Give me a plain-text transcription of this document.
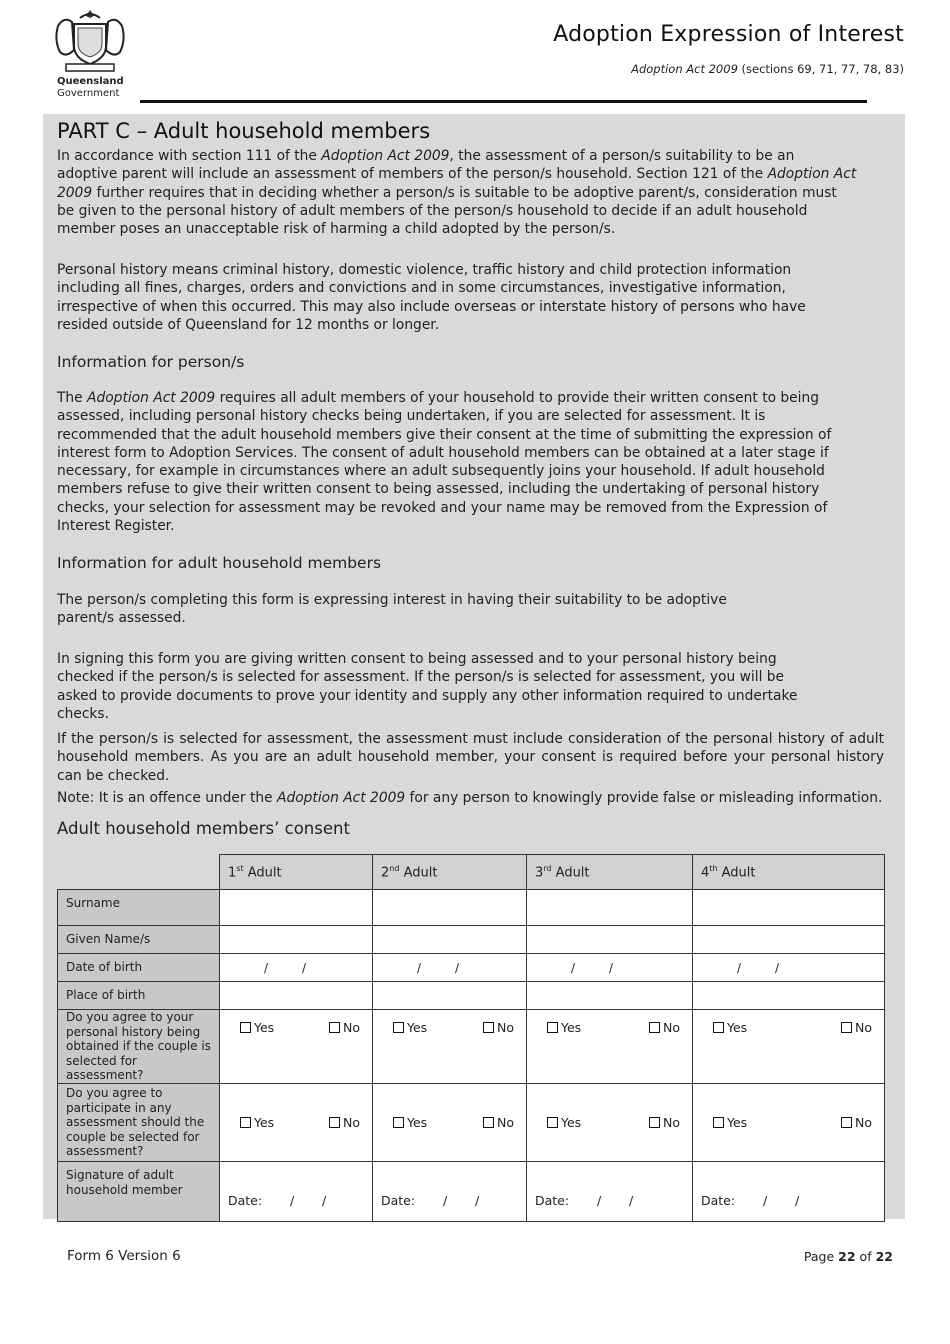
Queensland
Government
Adoption Expression of Interest
Adoption Act 2009 (sections 69, 71, 77, 78, 83)
PART C – Adult household members

In accordance with section 111 of the Adoption Act 2009, the assessment of a person/s suitability to be an adoptive parent will include an assessment of members of the person/s household. Section 121 of the Adoption Act 2009 further requires that in deciding whether a person/s is suitable to be adoptive parent/s, consideration must be given to the personal history of adult members of the person/s household to decide if an adult household member poses an unacceptable risk of harming a child adopted by the person/s.

Personal history means criminal history, domestic violence, traffic history and child protection information including all fines, charges, orders and convictions and in some circumstances, investigative information, irrespective of when this occurred. This may also include overseas or interstate history of persons who have resided outside of Queensland for 12 months or longer.

Information for person/s

The Adoption Act 2009 requires all adult members of your household to provide their written consent to being assessed, including personal history checks being undertaken, if you are selected for assessment. It is recommended that the adult household members give their consent at the time of submitting the expression of interest form to Adoption Services. The consent of adult household members can be obtained at a later stage if necessary, for example in circumstances where an adult subsequently joins your household. If adult household members refuse to give their written consent to being assessed, including the undertaking of personal history checks, your selection for assessment may be revoked and your name may be removed from the Expression of Interest Register.

Information for adult household members

The person/s completing this form is expressing interest in having their suitability to be adoptive parent/s assessed.

In signing this form you are giving written consent to being assessed and to your personal history being checked if the person/s is selected for assessment. If the person/s is selected for assessment, you will be asked to provide documents to prove your identity and supply any other information required to undertake checks.

If the person/s is selected for assessment, the assessment must include consideration of the personal history of adult household members. As you are an adult household member, your consent is required before your personal history can be checked.

Note: It is an offence under the Adoption Act 2009 for any person to knowingly provide false or misleading information.

Adult household members’ consent
	1st Adult	2nd Adult	3rd Adult	4th Adult
Surname				
Given Name/s				
Date of birth	/ /	/ /	/ /	/ /

Place of birth				
Do you agree to your personal history being obtained if the couple is selected for assessment?	Yes No	Yes No	Yes No	Yes No

Do you agree to participate in any assessment should the couple be selected for assessment?	Yes No	Yes No	Yes No	Yes No

Signature of adult household member	Date: / /	Date: / /	Date: / /	Date: / /
Form 6 Version 6	Page 22 of 22
